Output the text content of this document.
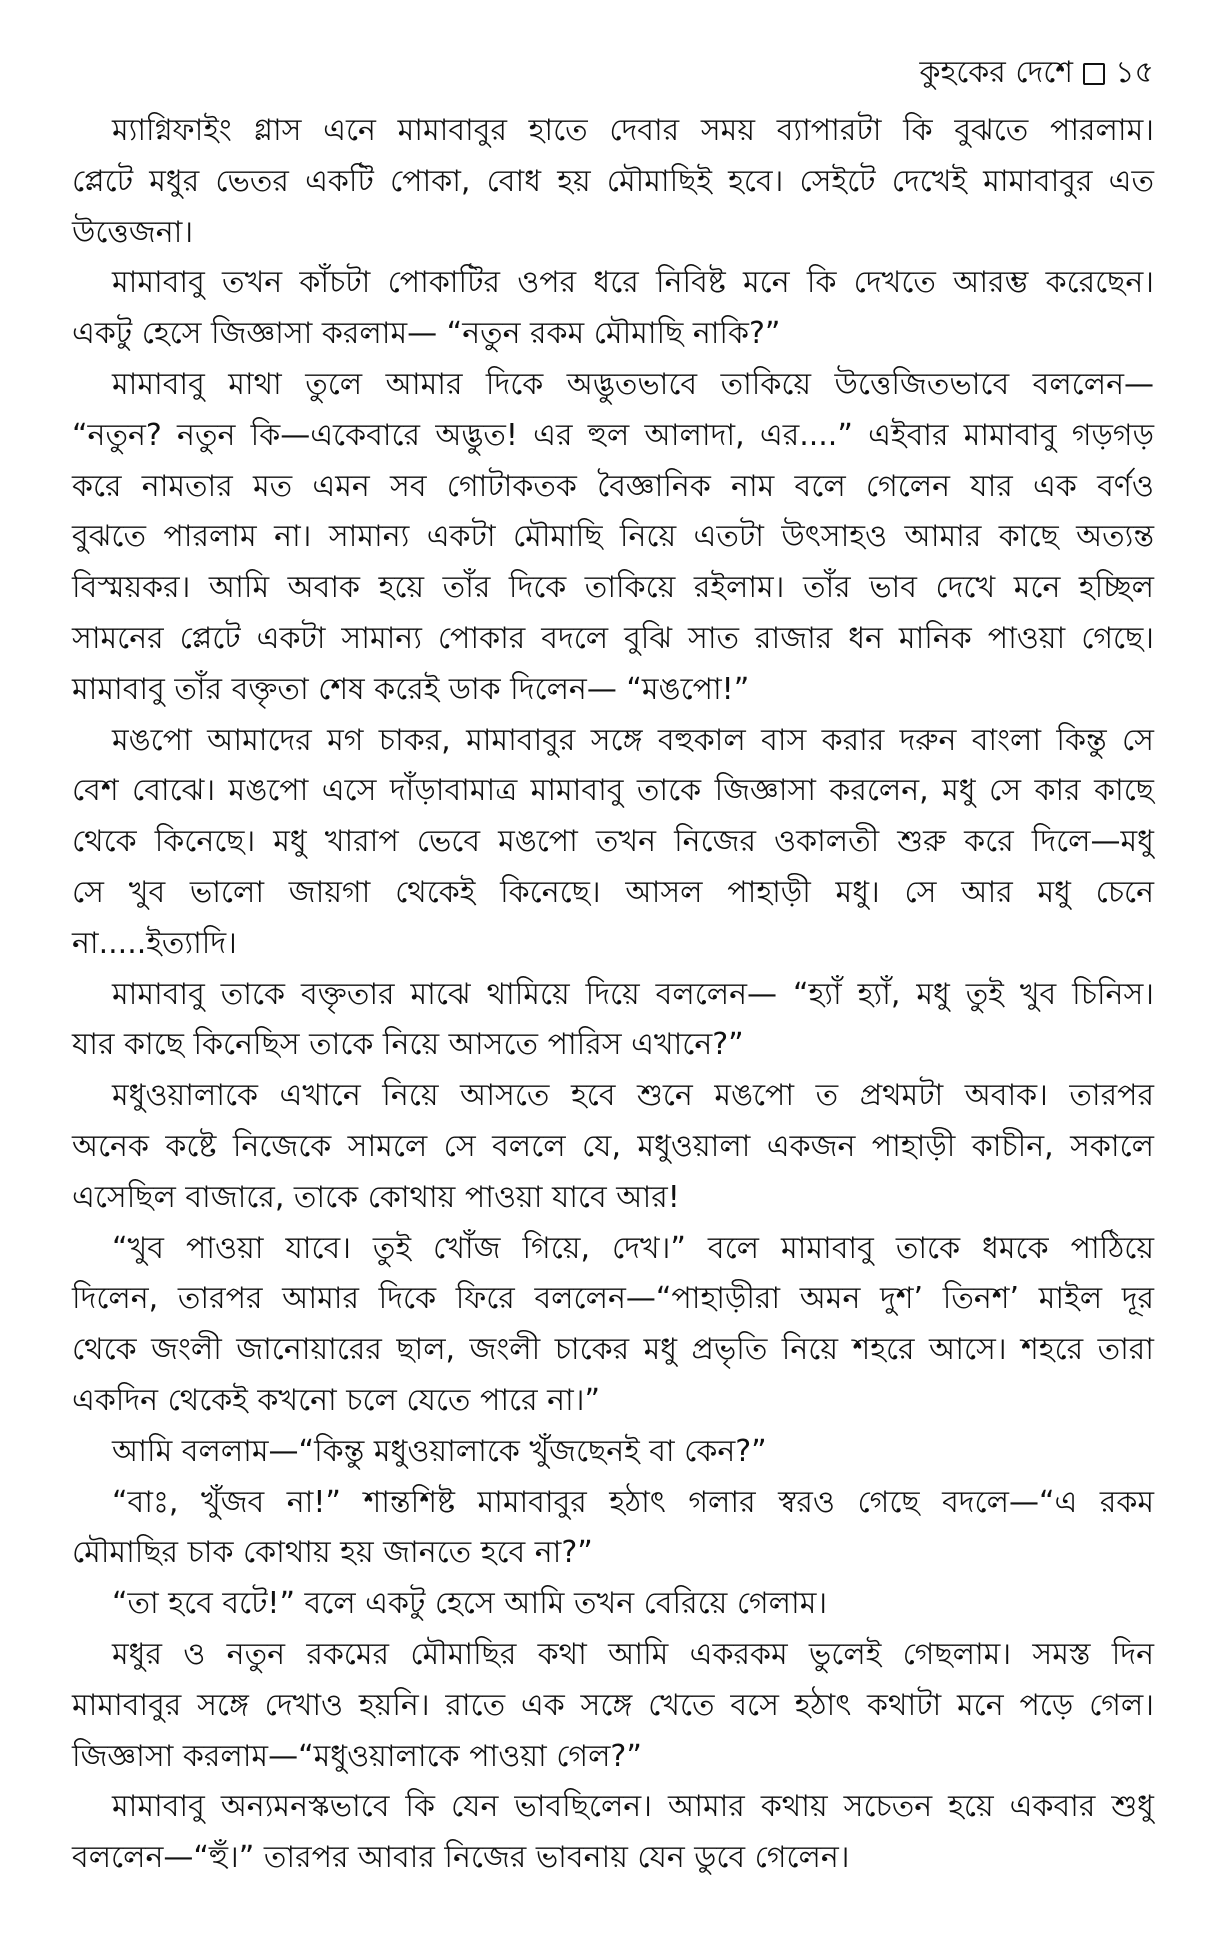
কুহকের দেশে ১৫
ম্যাগ্নিফাইং গ্লাস এনে মামাবাবুর হাতে দেবার সময় ব্যাপারটা কি বুঝতে পারলাম।
প্লেটে মধুর ভেতর একটি পোকা, বোধ হয় মৌমাছিই হবে। সেইটে দেখেই মামাবাবুর এত
উত্তেজনা।
মামাবাবু তখন কাঁচটা পোকাটির ওপর ধরে নিবিষ্ট মনে কি দেখতে আরম্ভ করেছেন।
একটু হেসে জিজ্ঞাসা করলাম— “নতুন রকম মৌমাছি নাকি?”
মামাবাবু মাথা তুলে আমার দিকে অদ্ভুতভাবে তাকিয়ে উত্তেজিতভাবে বললেন—
“নতুন? নতুন কি—একেবারে অদ্ভুত! এর হুল আলাদা, এর....” এইবার মামাবাবু গড়গড়
করে নামতার মত এমন সব গোটাকতক বৈজ্ঞানিক নাম বলে গেলেন যার এক বর্ণও
বুঝতে পারলাম না। সামান্য একটা মৌমাছি নিয়ে এতটা উৎসাহও আমার কাছে অত্যন্ত
বিস্ময়কর। আমি অবাক হয়ে তাঁর দিকে তাকিয়ে রইলাম। তাঁর ভাব দেখে মনে হচ্ছিল
সামনের প্লেটে একটা সামান্য পোকার বদলে বুঝি সাত রাজার ধন মানিক পাওয়া গেছে।
মামাবাবু তাঁর বক্তৃতা শেষ করেই ডাক দিলেন— “মঙপো!”
মঙপো আমাদের মগ চাকর, মামাবাবুর সঙ্গে বহুকাল বাস করার দরুন বাংলা কিন্তু সে
বেশ বোঝে। মঙপো এসে দাঁড়াবামাত্র মামাবাবু তাকে জিজ্ঞাসা করলেন, মধু সে কার কাছে
থেকে কিনেছে। মধু খারাপ ভেবে মঙপো তখন নিজের ওকালতী শুরু করে দিলে—মধু
সে খুব ভালো জায়গা থেকেই কিনেছে। আসল পাহাড়ী মধু। সে আর মধু চেনে
না.....ইত্যাদি।
মামাবাবু তাকে বক্তৃতার মাঝে থামিয়ে দিয়ে বললেন— “হ্যাঁ হ্যাঁ, মধু তুই খুব চিনিস।
যার কাছে কিনেছিস তাকে নিয়ে আসতে পারিস এখানে?”
মধুওয়ালাকে এখানে নিয়ে আসতে হবে শুনে মঙপো ত প্রথমটা অবাক। তারপর
অনেক কষ্টে নিজেকে সামলে সে বললে যে, মধুওয়ালা একজন পাহাড়ী কাচীন, সকালে
এসেছিল বাজারে, তাকে কোথায় পাওয়া যাবে আর!
“খুব পাওয়া যাবে। তুই খোঁজ গিয়ে, দেখ।” বলে মামাবাবু তাকে ধমকে পাঠিয়ে
দিলেন, তারপর আমার দিকে ফিরে বললেন—“পাহাড়ীরা অমন দুশ’ তিনশ’ মাইল দূর
থেকে জংলী জানোয়ারের ছাল, জংলী চাকের মধু প্রভৃতি নিয়ে শহরে আসে। শহরে তারা
একদিন থেকেই কখনো চলে যেতে পারে না।”
আমি বললাম—“কিন্তু মধুওয়ালাকে খুঁজছেনই বা কেন?”
“বাঃ, খুঁজব না!” শান্তশিষ্ট মামাবাবুর হঠাৎ গলার স্বরও গেছে বদলে—“এ রকম
মৌমাছির চাক কোথায় হয় জানতে হবে না?”
“তা হবে বটে!” বলে একটু হেসে আমি তখন বেরিয়ে গেলাম।
মধুর ও নতুন রকমের মৌমাছির কথা আমি একরকম ভুলেই গেছলাম। সমস্ত দিন
মামাবাবুর সঙ্গে দেখাও হয়নি। রাতে এক সঙ্গে খেতে বসে হঠাৎ কথাটা মনে পড়ে গেল।
জিজ্ঞাসা করলাম—“মধুওয়ালাকে পাওয়া গেল?”
মামাবাবু অন্যমনস্কভাবে কি যেন ভাবছিলেন। আমার কথায় সচেতন হয়ে একবার শুধু
বললেন—“হুঁ।” তারপর আবার নিজের ভাবনায় যেন ডুবে গেলেন।
